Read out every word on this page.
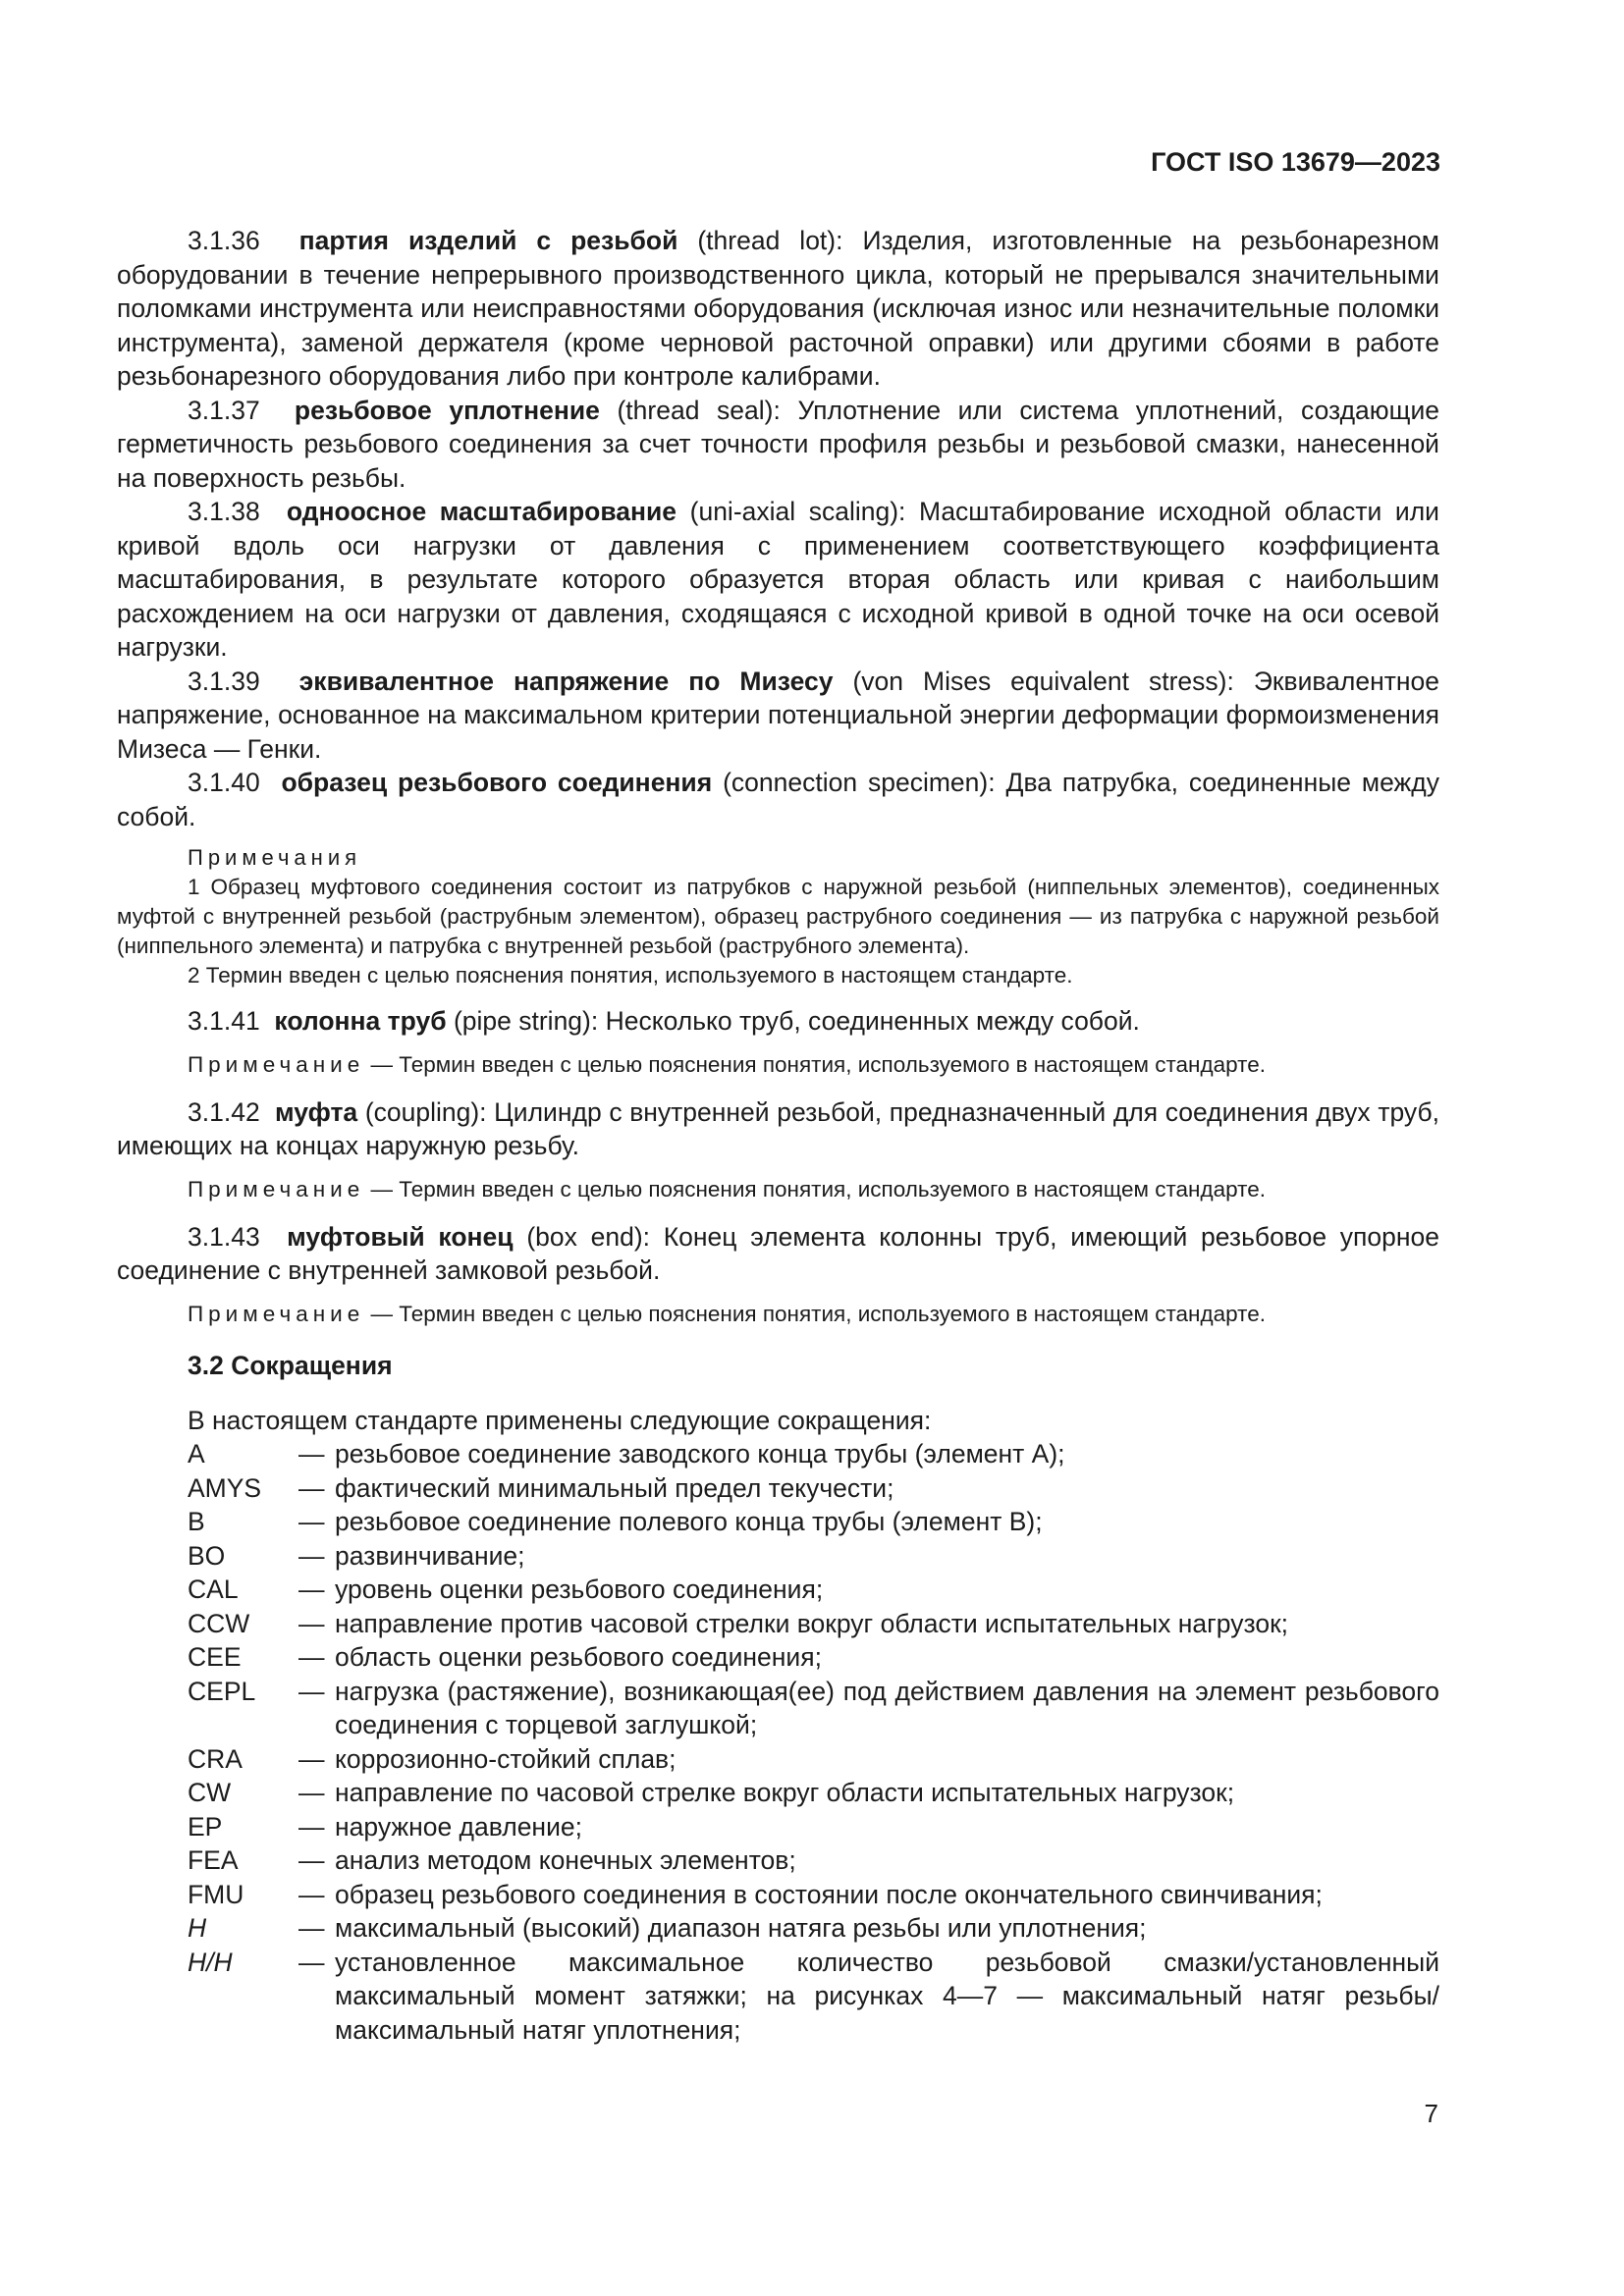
ГОСТ ISO 13679—2023

3.1.36 партия изделий с резьбой (thread lot): Изделия, изготовленные на резьбонарезном оборудовании в течение непрерывного производственного цикла, который не прерывался значительными поломками инструмента или неисправностями оборудования (исключая износ или незначительные поломки инструмента), заменой держателя (кроме черновой расточной оправки) или другими сбоями в работе резьбонарезного оборудования либо при контроле калибрами.

3.1.37 резьбовое уплотнение (thread seal): Уплотнение или система уплотнений, создающие герметичность резьбового соединения за счет точности профиля резьбы и резьбовой смазки, нанесенной на поверхность резьбы.

3.1.38 одноосное масштабирование (uni-axial scaling): Масштабирование исходной области или кривой вдоль оси нагрузки от давления с применением соответствующего коэффициента масштабирования, в результате которого образуется вторая область или кривая с наибольшим расхождением на оси нагрузки от давления, сходящаяся с исходной кривой в одной точке на оси осевой нагрузки.

3.1.39 эквивалентное напряжение по Мизесу (von Mises equivalent stress): Эквивалентное напряжение, основанное на максимальном критерии потенциальной энергии деформации формоизменения Мизеса — Генки.

3.1.40 образец резьбового соединения (connection specimen): Два патрубка, соединенные между собой.

Примечания

1 Образец муфтового соединения состоит из патрубков с наружной резьбой (ниппельных элементов), соединенных муфтой с внутренней резьбой (раструбным элементом), образец раструбного соединения — из патрубка с наружной резьбой (ниппельного элемента) и патрубка с внутренней резьбой (раструбного элемента).

2 Термин введен с целью пояснения понятия, используемого в настоящем стандарте.

3.1.41 колонна труб (pipe string): Несколько труб, соединенных между собой.

Примечание — Термин введен с целью пояснения понятия, используемого в настоящем стандарте.

3.1.42 муфта (coupling): Цилиндр с внутренней резьбой, предназначенный для соединения двух труб, имеющих на концах наружную резьбу.

Примечание — Термин введен с целью пояснения понятия, используемого в настоящем стандарте.

3.1.43 муфтовый конец (box end): Конец элемента колонны труб, имеющий резьбовое упорное соединение с внутренней замковой резьбой.

Примечание — Термин введен с целью пояснения понятия, используемого в настоящем стандарте.
3.2 Сокращения

В настоящем стандарте применены следующие сокращения:

A	— резьбовое соединение заводского конца трубы (элемент А);
AMYS	— фактический минимальный предел текучести;
B	— резьбовое соединение полевого конца трубы (элемент В);
BO	— развинчивание;
CAL	— уровень оценки резьбового соединения;
CCW	— направление против часовой стрелки вокруг области испытательных нагрузок;
CEE	— область оценки резьбового соединения;
CEPL	— нагрузка (растяжение), возникающая(ее) под действием давления на элемент резьбового соединения с торцевой заглушкой;
CRA	— коррозионно-стойкий сплав;
CW	— направление по часовой стрелке вокруг области испытательных нагрузок;
EP	— наружное давление;
FEA	— анализ методом конечных элементов;
FMU	— образец резьбового соединения в состоянии после окончательного свинчивания;
H	— максимальный (высокий) диапазон натяга резьбы или уплотнения;
H/H	— установленное максимальное количество резьбовой смазки/установленный максимальный момент затяжки; на рисунках 4—7 — максимальный натяг резьбы/максимальный натяг уплотнения;
7
